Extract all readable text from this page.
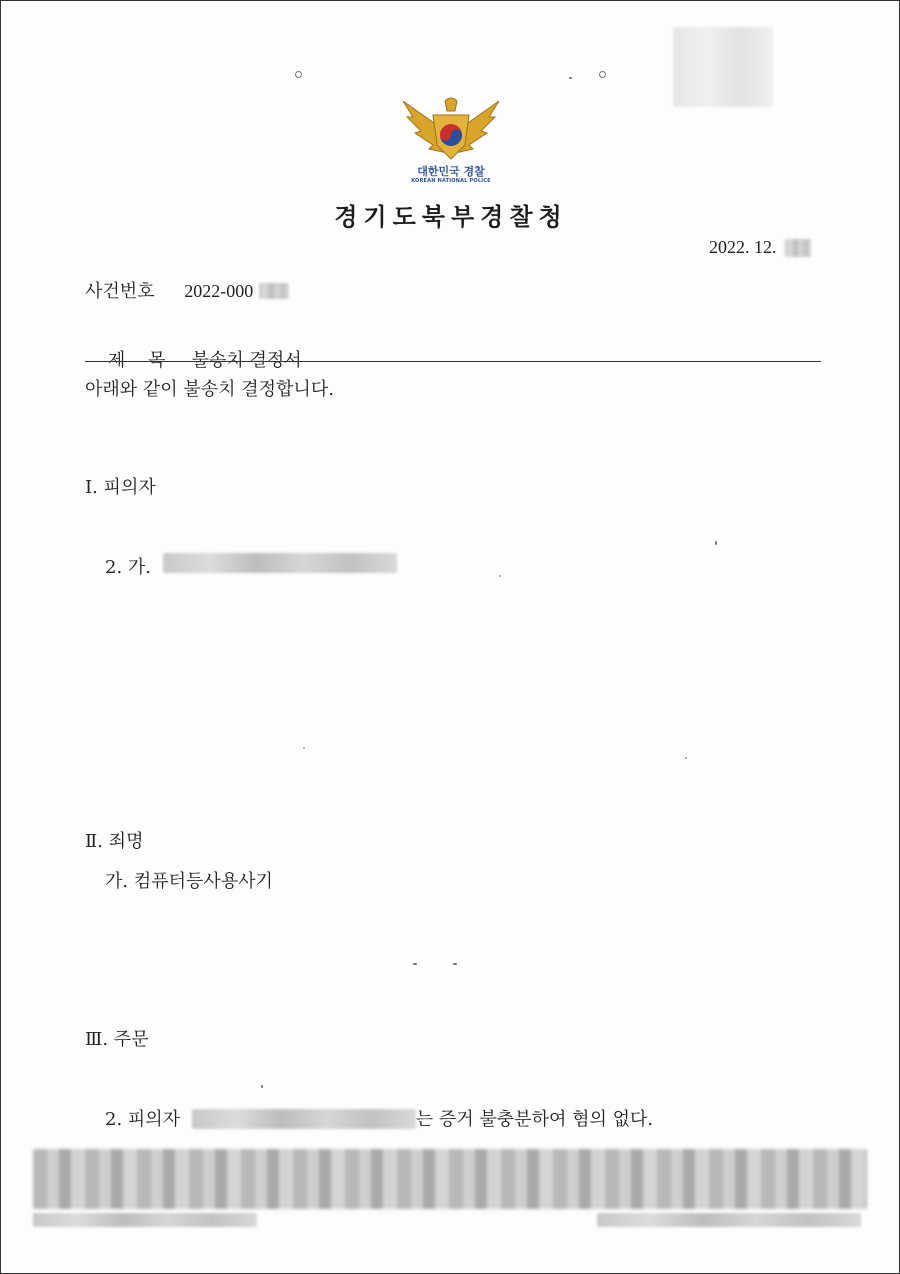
대한민국 경찰
KOREAN NATIONAL POLICE
경기도북부경찰청
2022. 12.
사건번호 2022-000

제    목 불송치 결정서

아래와 같이 불송치 결정합니다.
Ⅰ. 피의자
2. 가.
Ⅱ. 죄명
가. 컴퓨터등사용사기
Ⅲ. 주문
2. 피의자	는 증거 불충분하여 혐의 없다.
